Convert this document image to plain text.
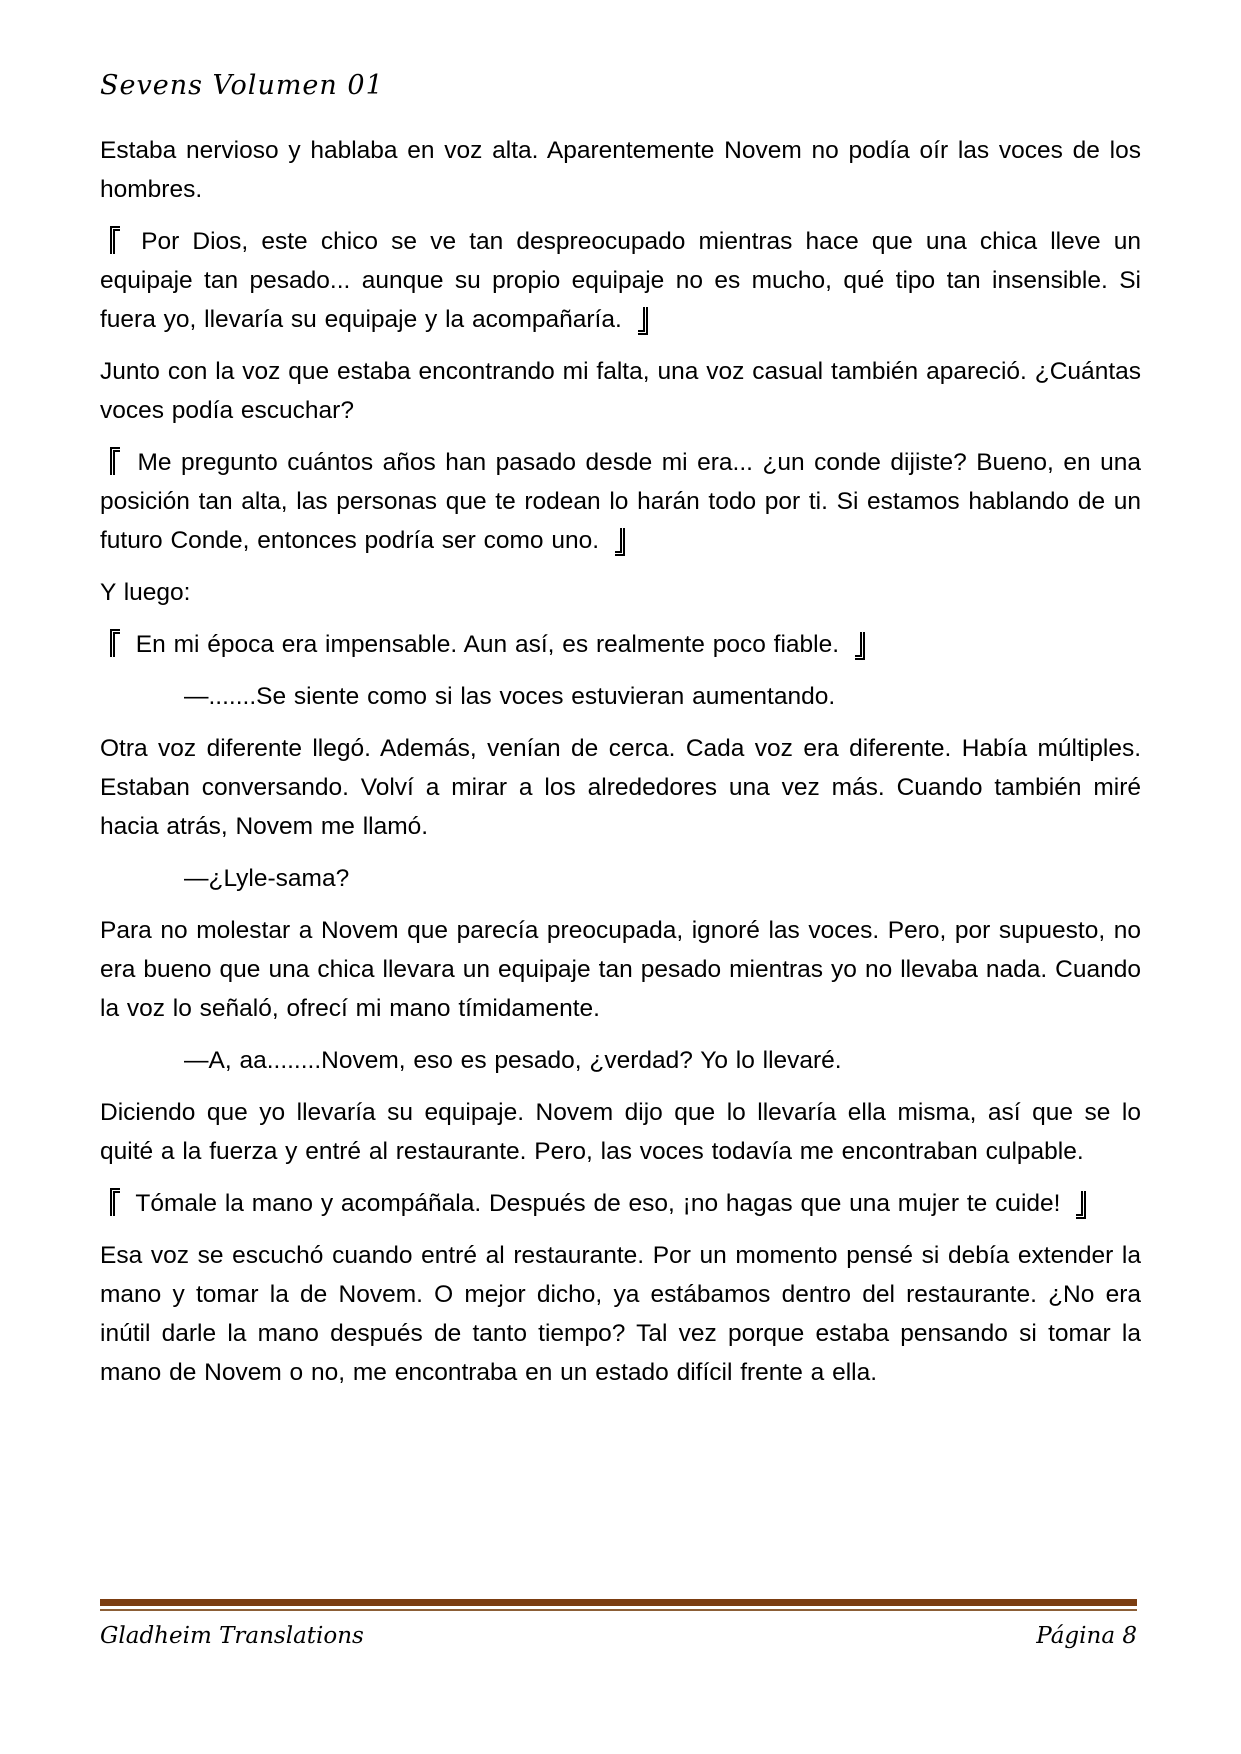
Sevens Volumen 01

Estaba nervioso y hablaba en voz alta. Aparentemente Novem no podía oír las voces de los hombres.

Por Dios, este chico se ve tan despreocupado mientras hace que una chica lleve un equipaje tan pesado... aunque su propio equipaje no es mucho, qué tipo tan insensible. Si fuera yo, llevaría su equipaje y la acompañaría.

Junto con la voz que estaba encontrando mi falta, una voz casual también apareció. ¿Cuántas voces podía escuchar?

Me pregunto cuántos años han pasado desde mi era... ¿un conde dijiste? Bueno, en una posición tan alta, las personas que te rodean lo harán todo por ti. Si estamos hablando de un futuro Conde, entonces podría ser como uno.

Y luego:

En mi época era impensable. Aun así, es realmente poco fiable.

—.......Se siente como si las voces estuvieran aumentando.

Otra voz diferente llegó. Además, venían de cerca. Cada voz era diferente. Había múltiples. Estaban conversando. Volví a mirar a los alrededores una vez más. Cuando también miré hacia atrás, Novem me llamó.

—¿Lyle-sama?

Para no molestar a Novem que parecía preocupada, ignoré las voces. Pero, por supuesto, no era bueno que una chica llevara un equipaje tan pesado mientras yo no llevaba nada. Cuando la voz lo señaló, ofrecí mi mano tímidamente.

—A, aa........Novem, eso es pesado, ¿verdad? Yo lo llevaré.

Diciendo que yo llevaría su equipaje. Novem dijo que lo llevaría ella misma, así que se lo quité a la fuerza y entré al restaurante. Pero, las voces todavía me encontraban culpable.

Tómale la mano y acompáñala. Después de eso, ¡no hagas que una mujer te cuide!

Esa voz se escuchó cuando entré al restaurante. Por un momento pensé si debía extender la mano y tomar la de Novem. O mejor dicho, ya estábamos dentro del restaurante. ¿No era inútil darle la mano después de tanto tiempo? Tal vez porque estaba pensando si tomar la mano de Novem o no, me encontraba en un estado difícil frente a ella.

Gladheim Translations	Página 8
